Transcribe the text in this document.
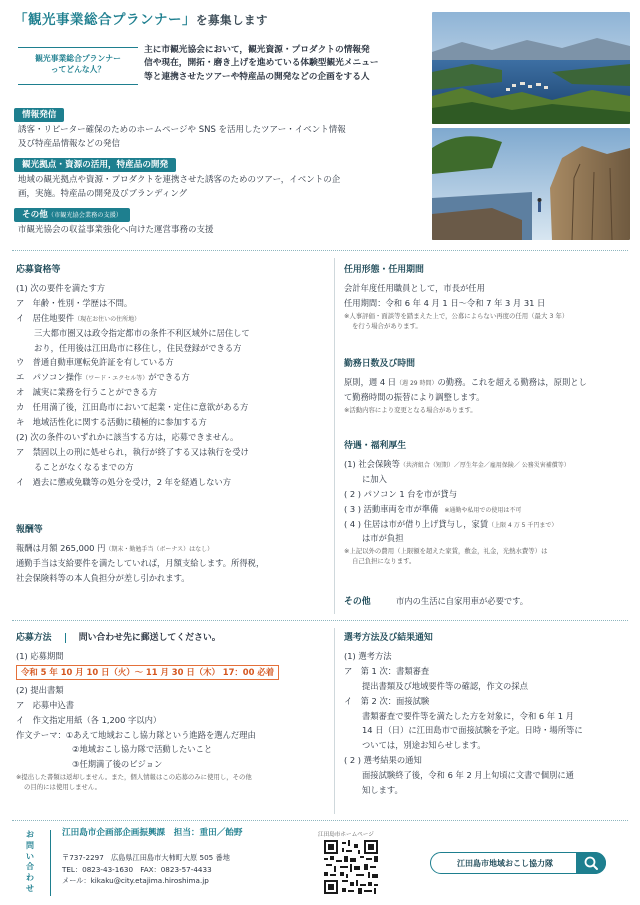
「観光事業総合プランナー」を募集します
観光事業総合プランナー
ってどんな人？
主に市観光協会において，観光資源・プロダクトの情報発
信や現在，開拓・磨き上げを進めている体験型観光メニュー
等と連携させたツアーや特産品の開発などの企画をする人
情報発信
誘客・リピーター確保のためのホームページや SNS を活用したツアー・イベント情報
及び特産品情報などの発信
観光拠点・資源の活用，特産品の開発
地域の観光拠点や資源・プロダクトを連携させた誘客のためのツアー，イベントの企
画，実施。特産品の開発及びブランディング
その他（市観光協会業務の支援）
市観光協会の収益事業強化へ向けた運営事務の支援
応募資格等
(1) 次の要件を満たす方
ア　年齢・性別・学歴は不問。
イ　居住地要件（現在お住いの住所地）
三大都市圏又は政令指定都市の条件不利区域外に居住して
おり，任用後は江田島市に移住し，住民登録ができる方
ウ　普通自動車運転免許証を有している方
エ　パソコン操作（ワード・エクセル等）ができる方
オ　誠実に業務を行うことができる方
カ　任用満了後，江田島市において起業・定住に意欲がある方
キ　地域活性化に関する活動に積極的に参加する方
(2) 次の条件のいずれかに該当する方は，応募できません。
ア　禁固以上の刑に処せられ，執行が終了する又は執行を受け
ることがなくなるまでの方
イ　過去に懲戒免職等の処分を受け，2 年を経過しない方
報酬等
報酬は月額 265,000 円（期末・勤勉手当（ボーナス）はなし）
通勤手当は支給要件を満たしていれば，月額支給します。所得税，
社会保険料等の本人負担分が差し引かれます。
任用形態・任用期間
会計年度任用職員として，市長が任用
任用期間：令和 6 年 4 月 1 日〜令和 7 年 3 月 31 日
※人事評価・面談等を踏まえた上で，公募によらない再度の任用（最大 3 年）
を行う場合があります。
勤務日数及び時間
原則，週 4 日（週 29 時間）の勤務。これを超える勤務は，原則とし
て勤務時間の振替により調整します。
※活動内容により変更となる場合があります。
待遇・福利厚生
(1) 社会保険等（共済組合（短期）／厚生年金／雇用保険／ 公務災害補償等）
に加入
( 2 ) パソコン 1 台を市が貸与
( 3 ) 活動車両を市が準備　※通勤や私用での使用は不可
( 4 ) 住居は市が借り上げ貸与し，家賃（上限 4 万 5 千円まで）
は市が負担
※上記以外の費用（上限額を超えた家賃，敷金，礼金，光熱水費等）は
自己負担になります。
その他	市内の生活に自家用車が必要です。
応募方法	問い合わせ先に郵送してください。
(1) 応募期間
令和 5 年 10 月 10 日（火）〜 11 月 30 日（木） 17：00 必着
(2) 提出書類
ア　応募申込書
イ　作文指定用紙（各 1,200 字以内）
作文テーマ：①あえて地域おこし協力隊という進路を選んだ理由
②地域おこし協力隊で活動したいこと
③任期満了後のビジョン
※提出した書類は返却しません。また，個人情報はこの応募のみに使用し，その他
の目的には使用しません。
選考方法及び結果通知
(1) 選考方法
ア　第 1 次：書類審査
提出書類及び地域要件等の確認，作文の採点
イ　第 2 次：面接試験
書類審査で要件等を満たした方を対象に，令和 6 年 1 月
14 日（日）に江田島市で面接試験を予定。日時・場所等に
ついては，別途お知らせします。
( 2 ) 選考結果の通知
面接試験終了後，令和 6 年 2 月上旬頃に文書で個別に通
知します。
お
問
い
合
わ
せ
江田島市企画部企画振興課　担当：重田／飴野
〒737-2297　広島県江田島市大柿町大原 505 番地
TEL：0823-43-1630　FAX：0823-57-4433
メール：kikaku@city.etajima.hiroshima.jp
江田島市ホームページ
江田島市地域おこし協力隊
